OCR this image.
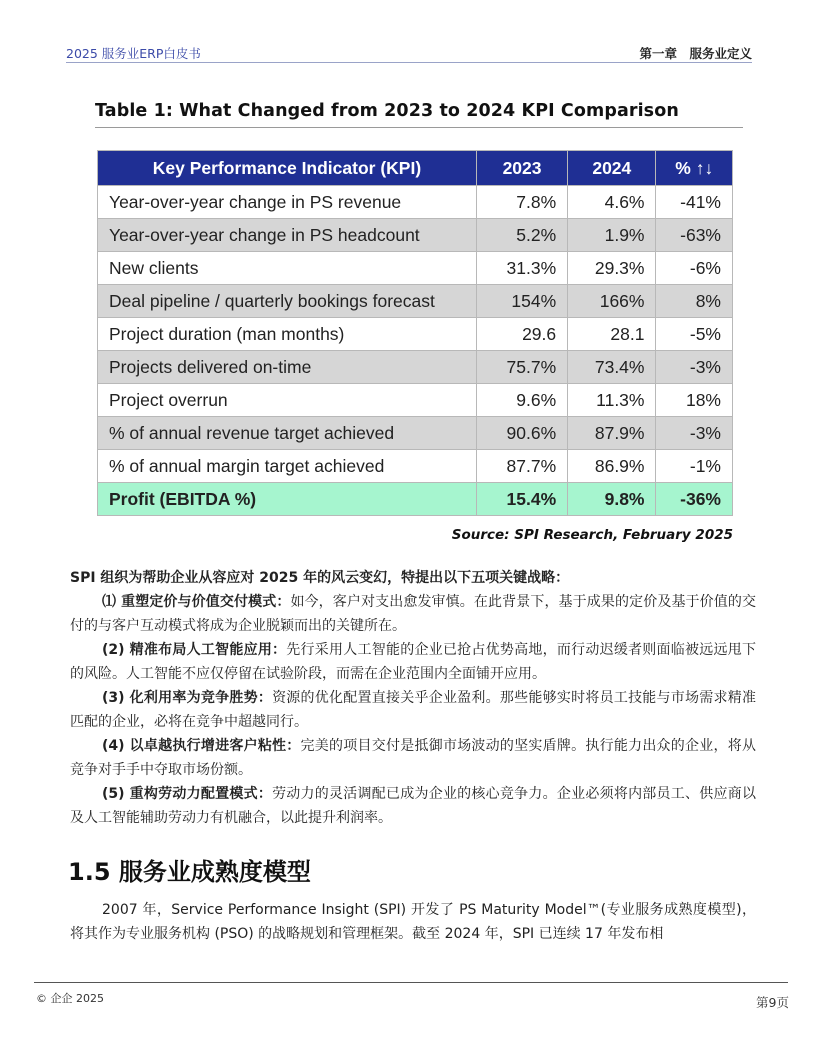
2025 服务业ERP白皮书	第一章　服务业定义
Table 1: What Changed from 2023 to 2024 KPI Comparison
Key Performance Indicator (KPI)	2023	2024	% ↑↓
Year-over-year change in PS revenue	7.8%	4.6%	-41%
Year-over-year change in PS headcount	5.2%	1.9%	-63%
New clients	31.3%	29.3%	-6%
Deal pipeline / quarterly bookings forecast	154%	166%	8%
Project duration (man months)	29.6	28.1	-5%
Projects delivered on-time	75.7%	73.4%	-3%
Project overrun	9.6%	11.3%	18%
% of annual revenue target achieved	90.6%	87.9%	-3%
% of annual margin target achieved	87.7%	86.9%	-1%
Profit (EBITDA %)	15.4%	9.8%	-36%
Source: SPI Research, February 2025

SPI 组织为帮助企业从容应对 2025 年的风云变幻，特提出以下五项关键战略：

⑴ 重塑定价与价值交付模式：如今，客户对支出愈发审慎。在此背景下，基于成果的定价及基于价值的交付的与客户互动模式将成为企业脱颖而出的关键所在。

(2) 精准布局人工智能应用：先行采用人工智能的企业已抢占优势高地，而行动迟缓者则面临被远远甩下的风险。人工智能不应仅停留在试验阶段，而需在企业范围内全面铺开应用。

(3) 化利用率为竞争胜势：资源的优化配置直接关乎企业盈利。那些能够实时将员工技能与市场需求精准匹配的企业，必将在竞争中超越同行。

(4) 以卓越执行增进客户粘性：完美的项目交付是抵御市场波动的坚实盾牌。执行能力出众的企业，将从竞争对手手中夺取市场份额。

(5) 重构劳动力配置模式：劳动力的灵活调配已成为企业的核心竞争力。企业必须将内部员工、供应商以及人工智能辅助劳动力有机融合，以此提升利润率。

1.5 服务业成熟度模型

2007 年，Service Performance Insight (SPI) 开发了 PS Maturity Model™(专业服务成熟度模型)，将其作为专业服务机构 (PSO) 的战略规划和管理框架。截至 2024 年，SPI 已连续 17 年发布相

© 企企 2025	第9页
